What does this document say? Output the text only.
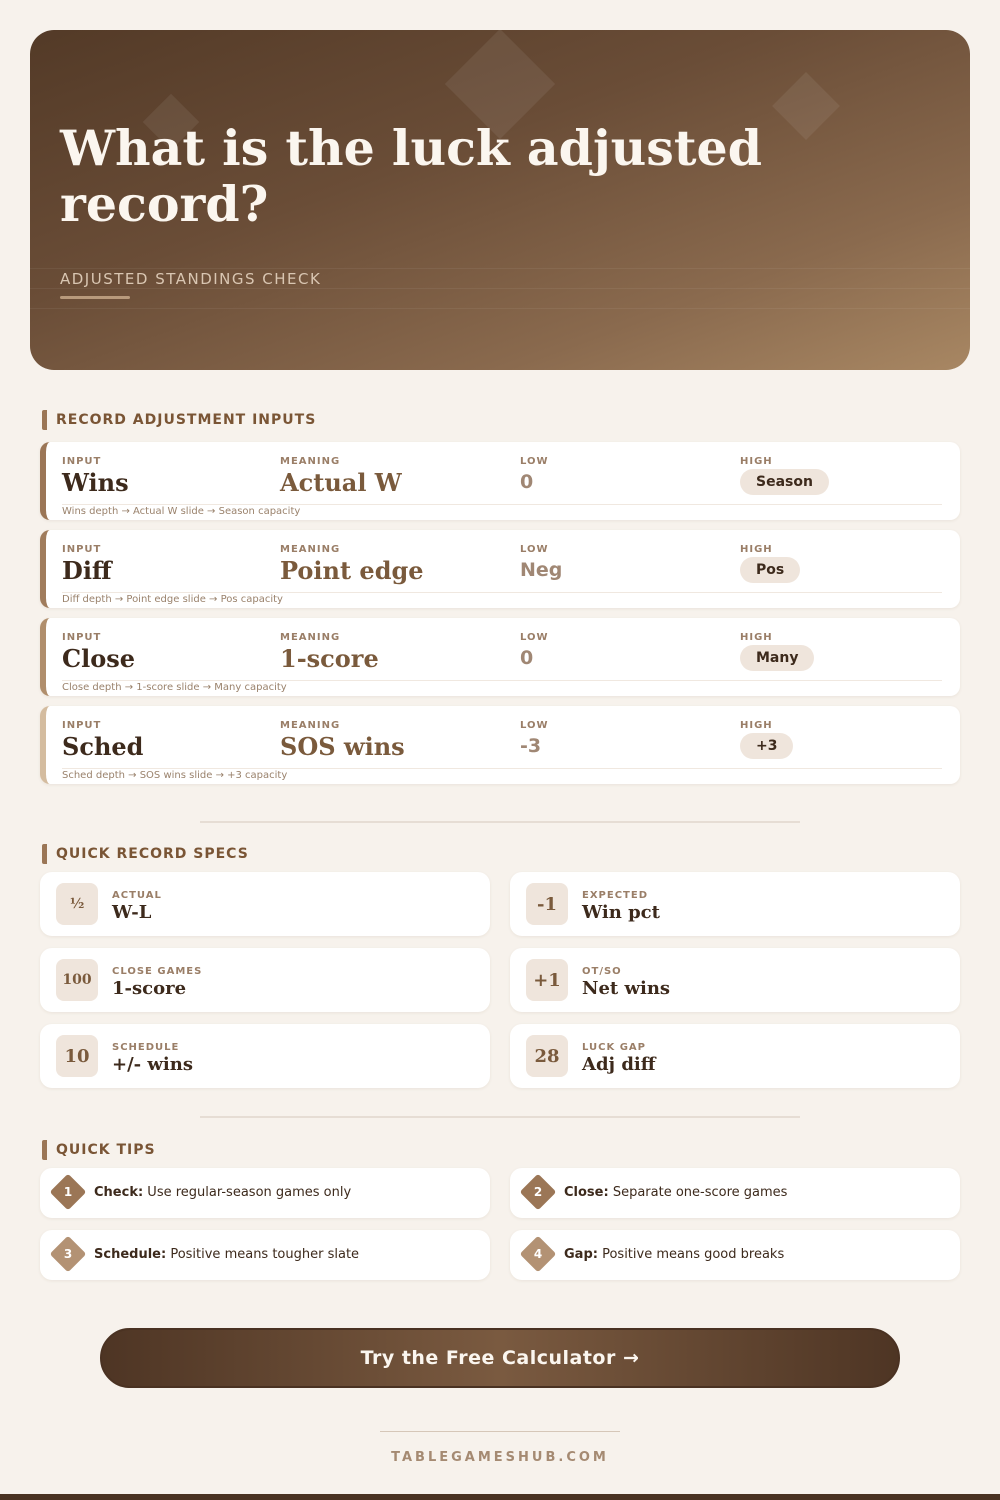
What is the luck adjusted record?
ADJUSTED STANDINGS CHECK
RECORD ADJUSTMENT INPUTS
INPUT
Wins
MEANING
Actual W
LOW
0
HIGH
Season
Wins depth → Actual W slide → Season capacity
INPUT
Diff
MEANING
Point edge
LOW
Neg
HIGH
Pos
Diff depth → Point edge slide → Pos capacity
INPUT
Close
MEANING
1-score
LOW
0
HIGH
Many
Close depth → 1-score slide → Many capacity
INPUT
Sched
MEANING
SOS wins
LOW
-3
HIGH
+3
Sched depth → SOS wins slide → +3 capacity
QUICK RECORD SPECS
½
ACTUAL
W-L	-1	EXPECTED
Win pct
100
CLOSE GAMES
1-score	+1	OT/SO
Net wins
10	SCHEDULE
+/- wins	28	LUCK GAP
Adj diff
QUICK TIPS
1	Check: Use regular-season games only	2	Close: Separate one-score games
3	Schedule: Positive means tougher slate	4	Gap: Positive means good breaks
Try the Free Calculator →
TABLEGAMESHUB.COM
